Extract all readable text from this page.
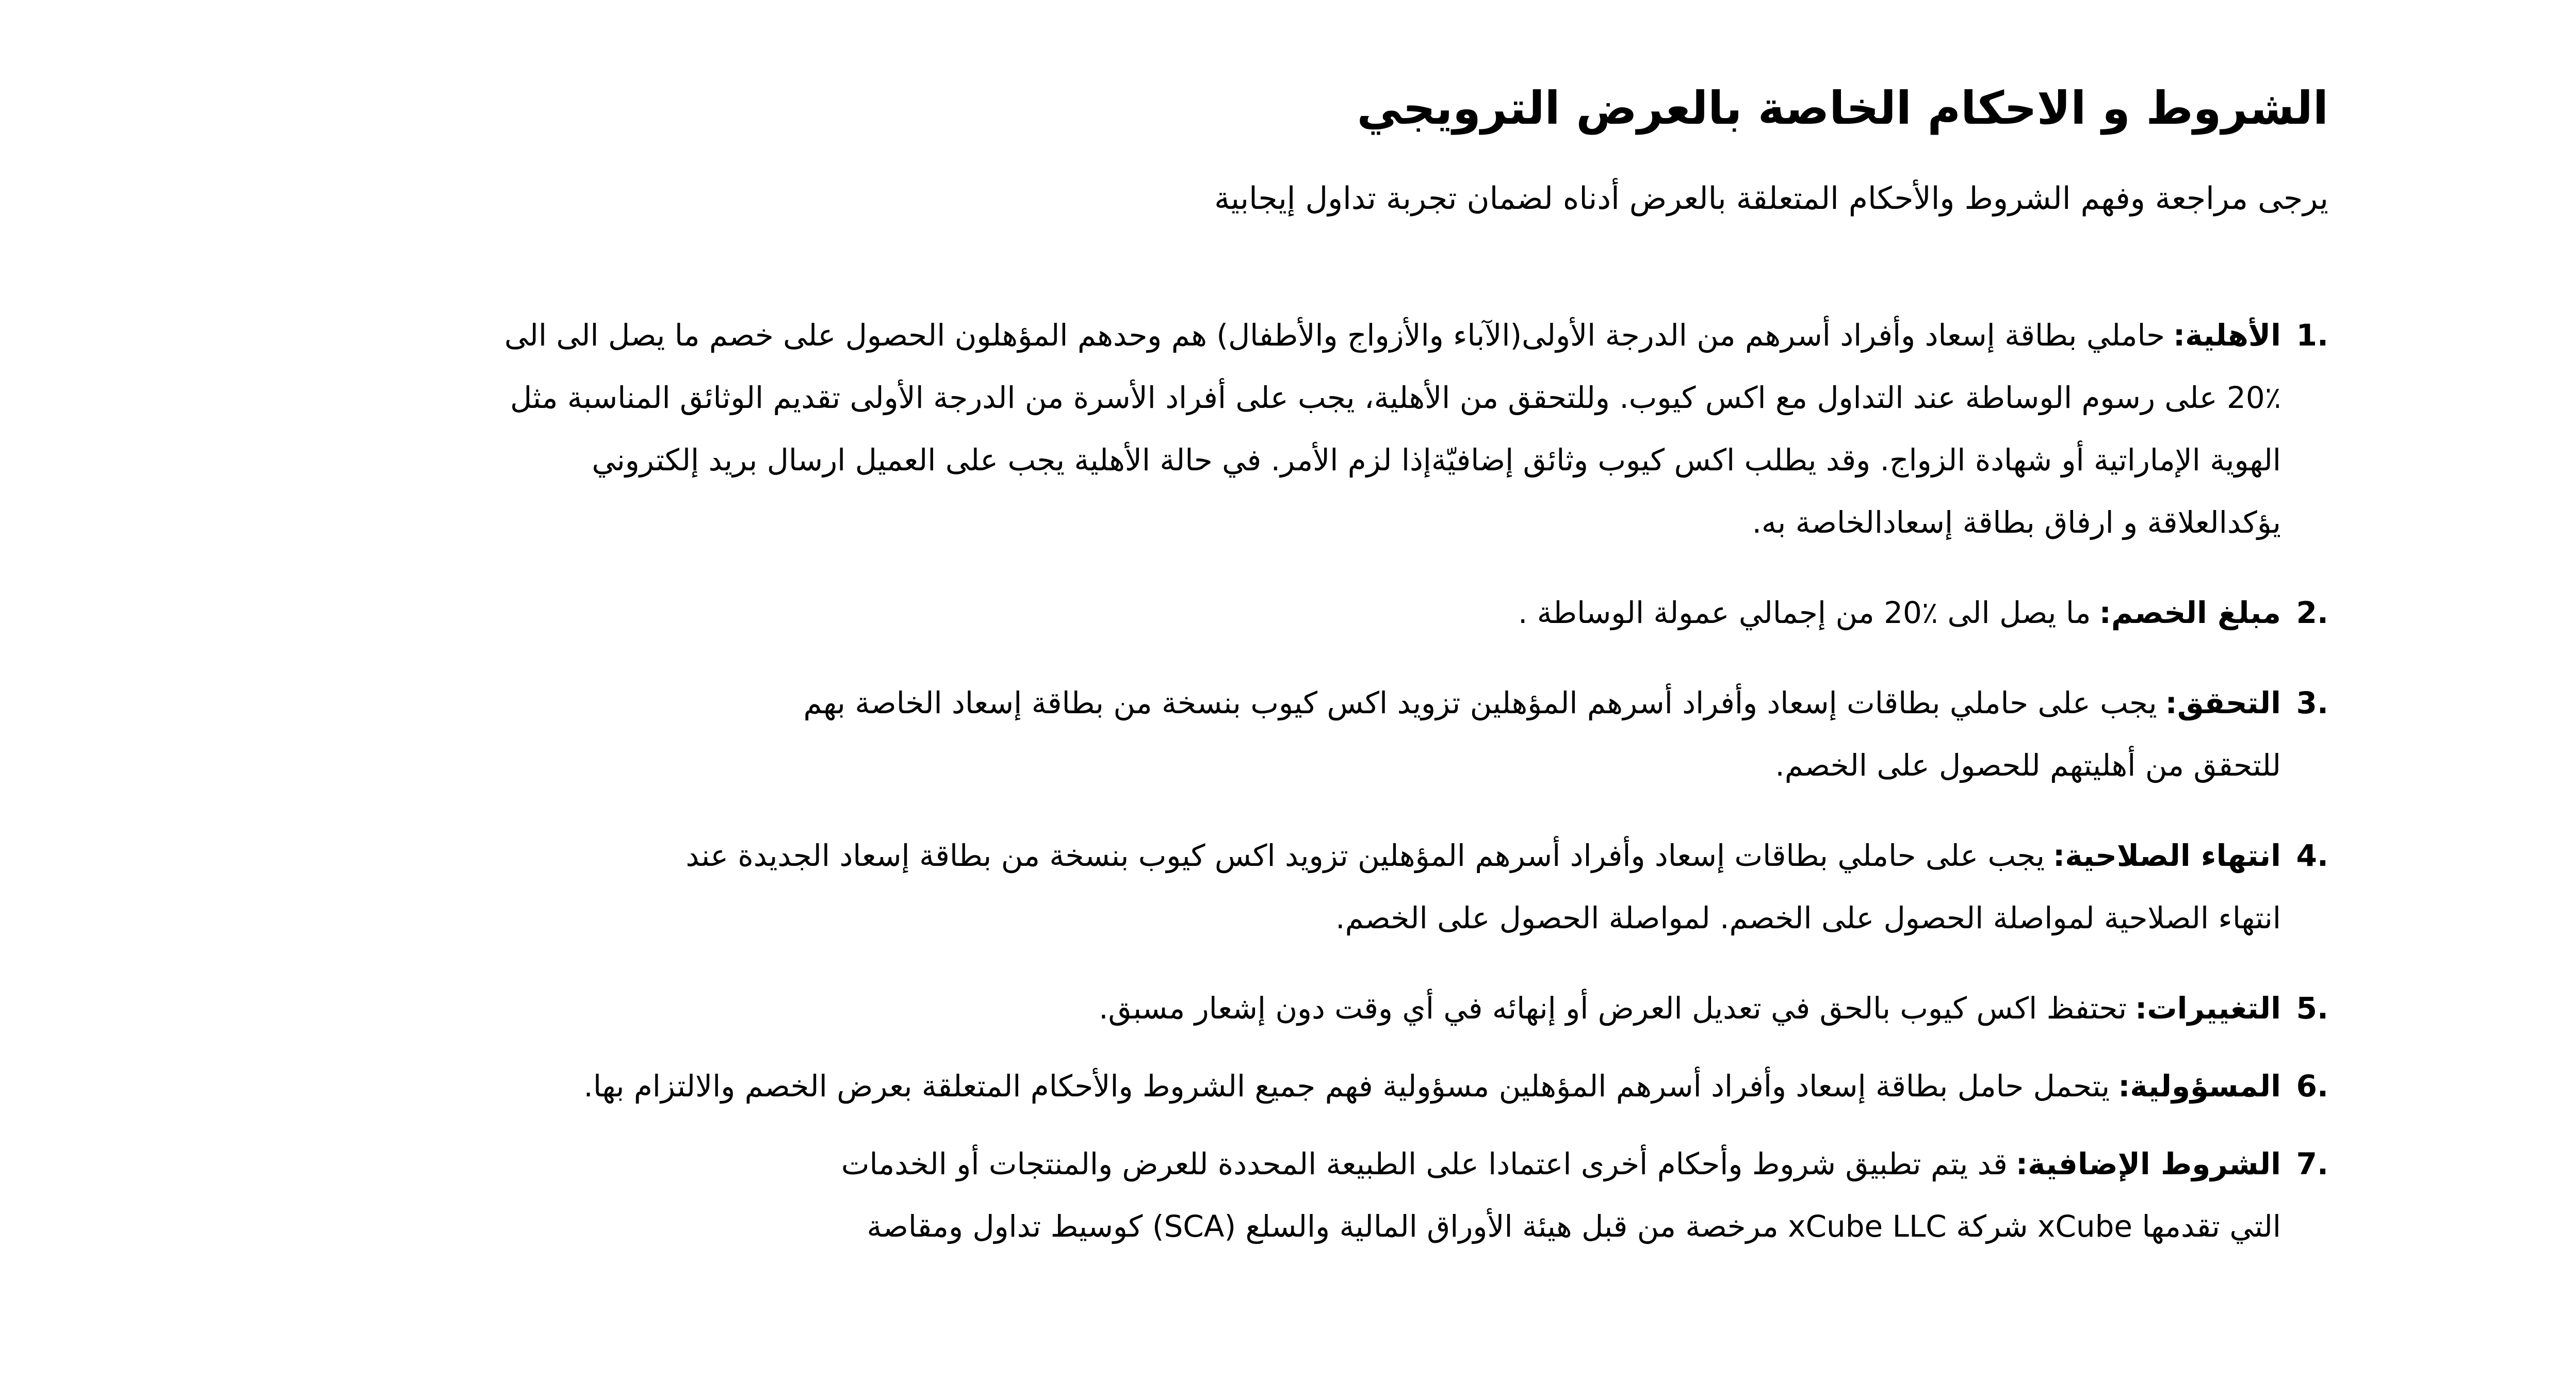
الشروط و الاحكام الخاصة بالعرض الترويجي

يرجى مراجعة وفهم الشروط والأحكام المتعلقة بالعرض أدناه لضمان تجربة تداول إيجابية

.1
الأهلية:حاملي بطاقة إسعاد وأفراد أسرهم من الدرجة الأولى(الآباء والأزواج والأطفال) هم وحدهم المؤهلون الحصول على خصم ما يصل الى الى ٪20 على رسوم الوساطة عند التداول مع اكس كيوب. وللتحقق من الأهلية، يجب على أفراد الأسرة من الدرجة الأولى تقديم الوثائق المناسبة مثل الهوية الإماراتية أو شهادة الزواج. وقد يطلب اكس كيوب وثائق إضافيّةإذا لزم الأمر. في حالة الأهلية يجب على العميل ارسال بريد إلكتروني يؤكدالعلاقة و ارفاق بطاقة إسعادالخاصة به.
.2
مبلغ الخصم:ما يصل الى ٪20 من إجمالي عمولة الوساطة .
.3
التحقق:يجب على حاملي بطاقات إسعاد وأفراد أسرهم المؤهلين تزويد اكس كيوب بنسخة من بطاقة إسعاد الخاصة بهم للتحقق من أهليتهم للحصول على الخصم.
.4
انتهاء الصلاحية:يجب على حاملي بطاقات إسعاد وأفراد أسرهم المؤهلين تزويد اكس كيوب بنسخة من بطاقة إسعاد الجديدة عند انتهاء الصلاحية لمواصلة الحصول على الخصم. لمواصلة الحصول على الخصم.
.5
التغييرات:تحتفظ اكس كيوب بالحق في تعديل العرض أو إنهائه في أي وقت دون إشعار مسبق.
.6
المسؤولية:يتحمل حامل بطاقة إسعاد وأفراد أسرهم المؤهلين مسؤولية فهم جميع الشروط والأحكام المتعلقة بعرض الخصم والالتزام بها.
.7
الشروط الإضافية:قد يتم تطبيق شروط وأحكام أخرى اعتمادا على الطبيعة المحددة للعرض والمنتجات أو الخدمات التي تقدمها xCube شركة xCube LLC مرخصة من قبل هيئة الأوراق المالية والسلع (SCA) كوسيط تداول ومقاصة
